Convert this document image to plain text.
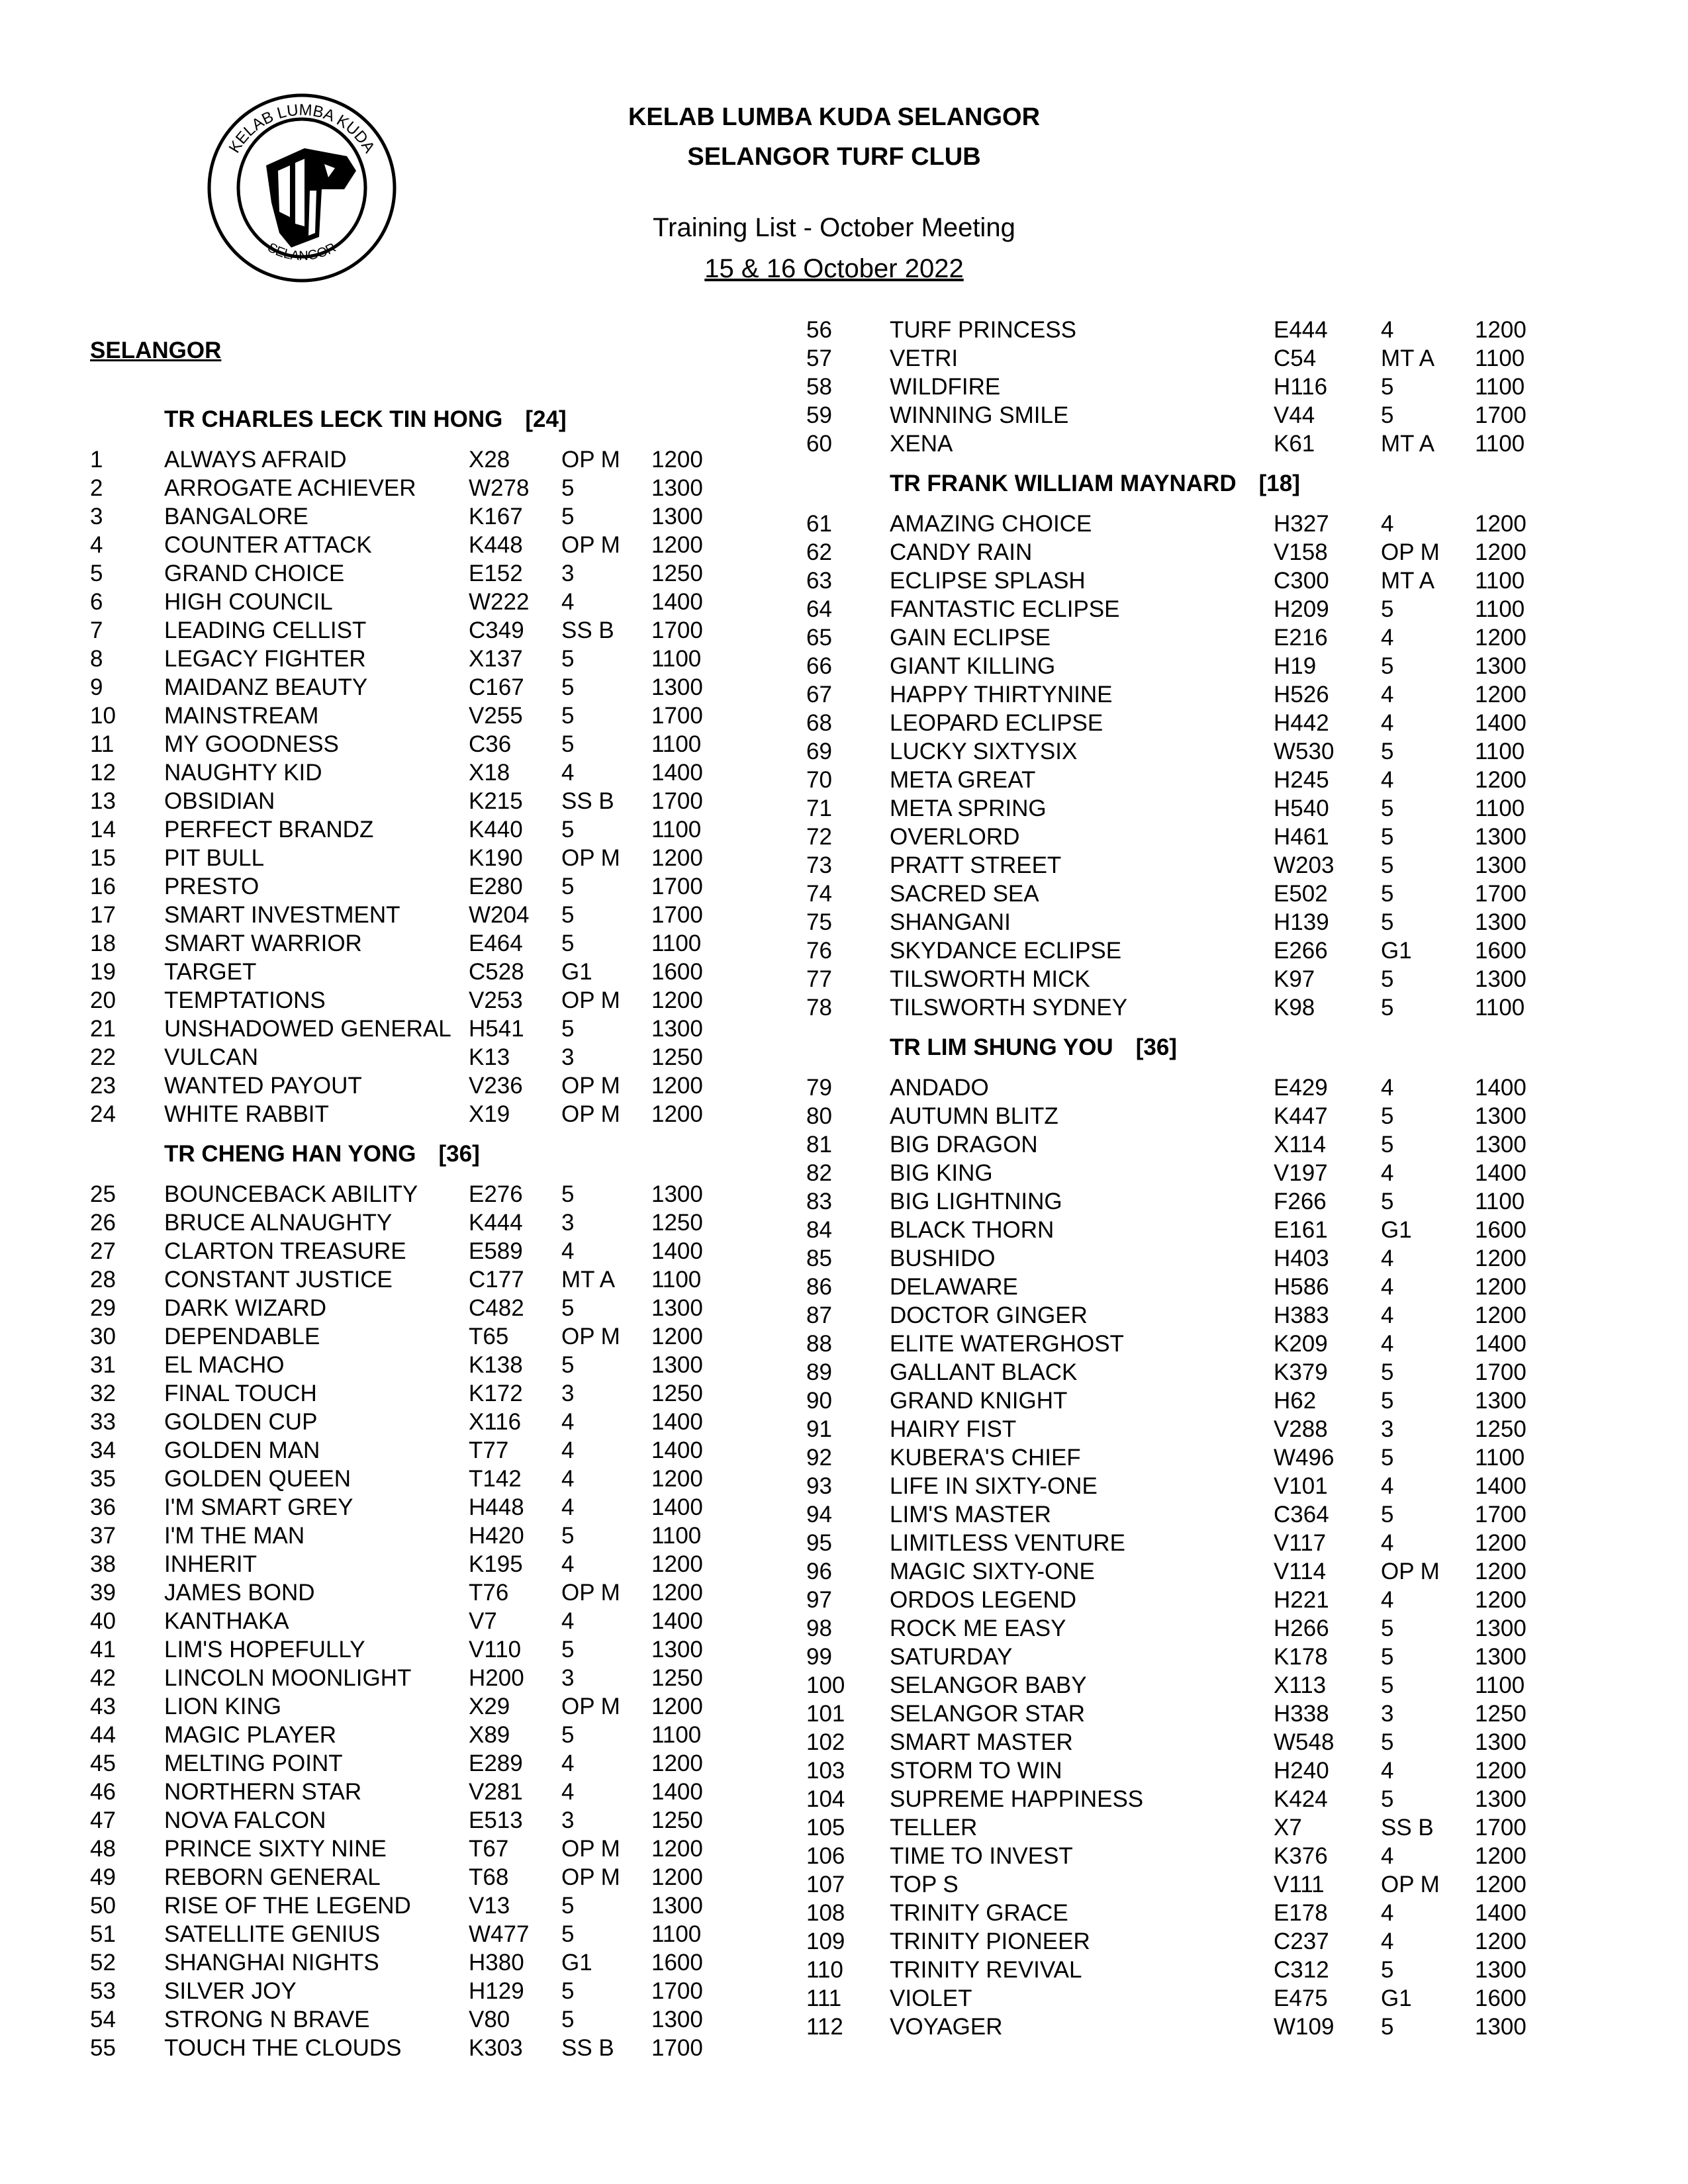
KELAB LUMBA KUDA
SELANGOR
KELAB LUMBA KUDA SELANGOR
SELANGOR TURF CLUB
Training List - October Meeting
15 & 16 October 2022
SELANGOR
TR CHARLES LECK TIN HONG [24]
1	ALWAYS AFRAID	X28 OP M 1200
2	ARROGATE ACHIEVER W278 5	1300
3	BANGALORE	K167 5	1300
4	COUNTER ATTACK	K448 OP M 1200
5	GRAND CHOICE	E152 3	1250
6	HIGH COUNCIL	W222 4	1400
7	LEADING CELLIST	C349 SS B 1700
8	LEGACY FIGHTER	X137 5	1100
9	MAIDANZ BEAUTY	C167 5	1300
10 MAINSTREAM	V255 5	1700
11 MY GOODNESS	C36 5	1100
12 NAUGHTY KID	X18 4	1400
13 OBSIDIAN	K215 SS B 1700
14 PERFECT BRANDZ	K440 5	1100
15 PIT BULL	K190 OP M 1200
16 PRESTO	E280 5	1700
17 SMART INVESTMENT	W204 5	1700
18 SMART WARRIOR	E464 5	1100
19 TARGET	C528 G1	1600
20 TEMPTATIONS	V253 OP M 1200
21 UNSHADOWED GENERAL H541 5	1300
22 VULCAN	K13 3	1250
23 WANTED PAYOUT	V236 OP M 1200
24 WHITE RABBIT	X19 OP M 1200
TR CHENG HAN YONG [36]
25 BOUNCEBACK ABILITY E276 5	1300
26 BRUCE ALNAUGHTY	K444 3	1250
27 CLARTON TREASURE	E589 4	1400
28 CONSTANT JUSTICE	C177 MT A 1100
29 DARK WIZARD	C482 5	1300
30 DEPENDABLE	T65 OP M 1200
31 EL MACHO	K138 5	1300
32 FINAL TOUCH	K172 3	1250
33 GOLDEN CUP	X116 4	1400
34 GOLDEN MAN	T77 4	1400
35 GOLDEN QUEEN	T142 4	1200
36 I'M SMART GREY	H448 4	1400
37 I'M THE MAN	H420 5	1100
38 INHERIT	K195 4	1200
39 JAMES BOND	T76 OP M 1200
40 KANTHAKA	V7	4	1400
41 LIM'S HOPEFULLY	V110 5	1300
42 LINCOLN MOONLIGHT H200 3	1250
43 LION KING	X29 OP M 1200
44 MAGIC PLAYER	X89 5	1100
45 MELTING POINT	E289 4	1200
46 NORTHERN STAR	V281 4	1400
47 NOVA FALCON	E513 3	1250
48 PRINCE SIXTY NINE	T67 OP M 1200
49 REBORN GENERAL	T68 OP M 1200
50 RISE OF THE LEGEND V13 5	1300
51 SATELLITE GENIUS	W477 5	1100
52 SHANGHAI NIGHTS	H380 G1	1600
53 SILVER JOY	H129 5	1700
54 STRONG N BRAVE	V80 5	1300
55 TOUCH THE CLOUDS	K303 SS B 1700
56 TURF PRINCESS	E444 4	1200
57 VETRI	C54	MT A 1100
58 WILDFIRE	H116 5	1100
59 WINNING SMILE	V44	5	1700
60 XENA	K61	MT A 1100
TR FRANK WILLIAM MAYNARD [18]
61 AMAZING CHOICE	H327 4	1200
62 CANDY RAIN	V158 OP M 1200
63 ECLIPSE SPLASH	C300 MT A 1100
64 FANTASTIC ECLIPSE	H209 5	1100
65 GAIN ECLIPSE	E216 4	1200
66 GIANT KILLING	H19	5	1300
67 HAPPY THIRTYNINE	H526 4	1200
68 LEOPARD ECLIPSE	H442 4	1400
69 LUCKY SIXTYSIX	W530 5	1100
70 META GREAT	H245 4	1200
71 META SPRING	H540 5	1100
72 OVERLORD	H461 5	1300
73 PRATT STREET	W203 5	1300
74 SACRED SEA	E502 5	1700
75 SHANGANI	H139 5	1300
76 SKYDANCE ECLIPSE	E266 G1	1600
77 TILSWORTH MICK	K97	5	1300
78 TILSWORTH SYDNEY	K98	5	1100
TR LIM SHUNG YOU [36]
79 ANDADO	E429 4	1400
80 AUTUMN BLITZ	K447 5	1300
81 BIG DRAGON	X114 5	1300
82 BIG KING	V197 4	1400
83 BIG LIGHTNING	F266 5	1100
84 BLACK THORN	E161 G1	1600
85 BUSHIDO	H403 4	1200
86 DELAWARE	H586 4	1200
87 DOCTOR GINGER	H383 4	1200
88 ELITE WATERGHOST	K209 4	1400
89 GALLANT BLACK	K379 5	1700
90 GRAND KNIGHT	H62	5	1300
91 HAIRY FIST	V288 3	1250
92 KUBERA'S CHIEF	W496 5	1100
93 LIFE IN SIXTY-ONE	V101 4	1400
94 LIM'S MASTER	C364 5	1700
95 LIMITLESS VENTURE	V117 4	1200
96 MAGIC SIXTY-ONE	V114 OP M 1200
97 ORDOS LEGEND	H221 4	1200
98 ROCK ME EASY	H266 5	1300
99 SATURDAY	K178 5	1300
100 SELANGOR BABY	X113 5	1100
101 SELANGOR STAR	H338 3	1250
102 SMART MASTER	W548 5	1300
103 STORM TO WIN	H240 4	1200
104 SUPREME HAPPINESS	K424 5	1300
105 TELLER	X7	SS B 1700
106 TIME TO INVEST	K376 4	1200
107 TOP S	V111 OP M 1200
108 TRINITY GRACE	E178 4	1400
109 TRINITY PIONEER	C237 4	1200
110 TRINITY REVIVAL	C312 5	1300
111 VIOLET	E475 G1	1600
112 VOYAGER	W109 5	1300
